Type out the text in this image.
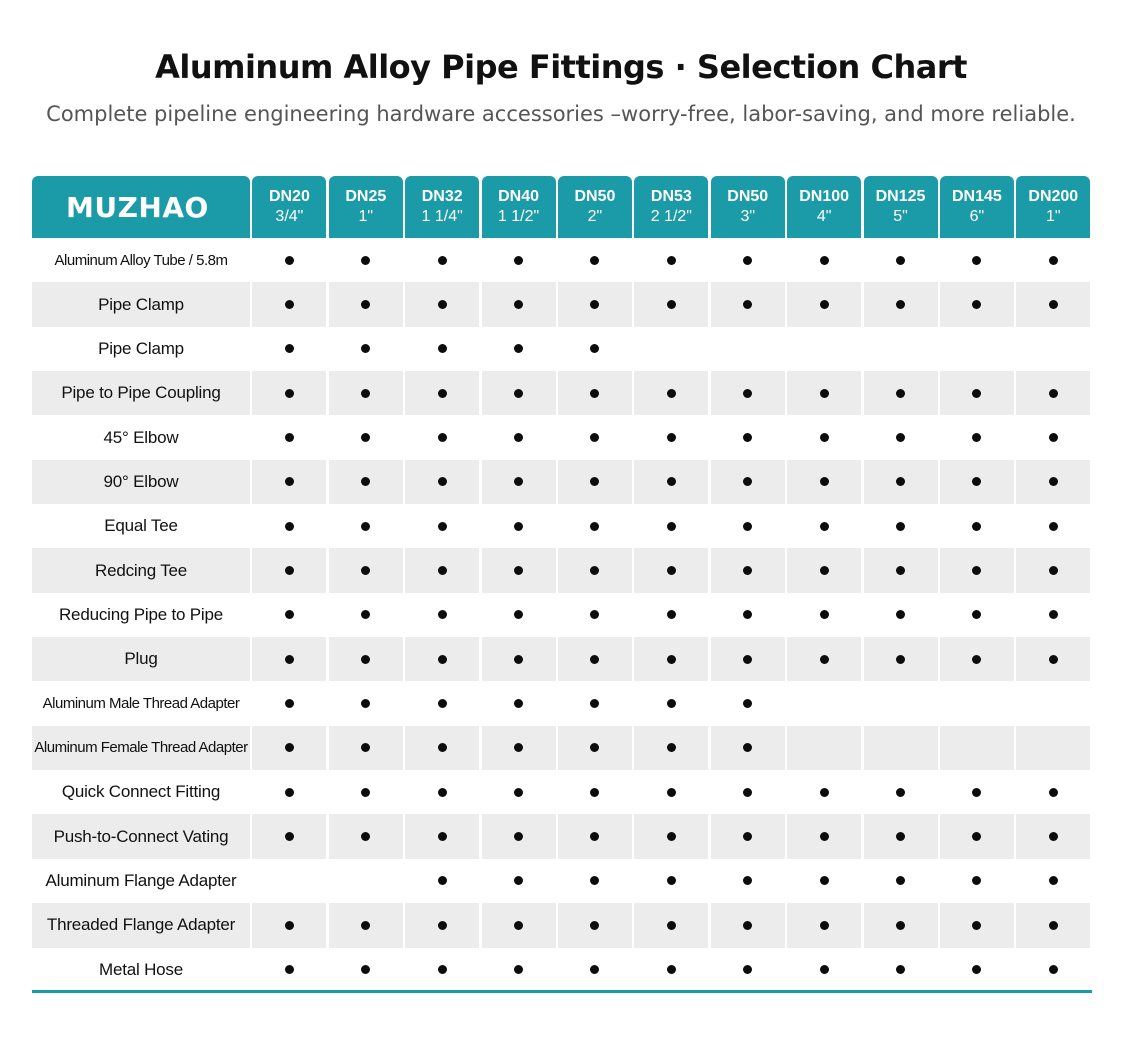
Aluminum Alloy Pipe Fittings · Selection Chart
Complete pipeline engineering hardware accessories –worry-free, labor-saving, and more reliable.
MUZHAO	DN20
3/4"
DN25
1"
DN32
1 1/4"
DN40
1 1/2"
DN50
2"
DN53
2 1/2"
DN50
3"
DN100
4"
DN125
5"
DN145
6"
DN200
1"
Aluminum Alloy Tube / 5.8m
Pipe Clamp
Pipe Clamp
Pipe to Pipe Coupling
45° Elbow
90° Elbow
Equal Tee
Redcing Tee
Reducing Pipe to Pipe
Plug
Aluminum Male Thread Adapter
Aluminum Female Thread Adapter
Quick Connect Fitting
Push-to-Connect Vating
Aluminum Flange Adapter
Threaded Flange Adapter
Metal Hose
